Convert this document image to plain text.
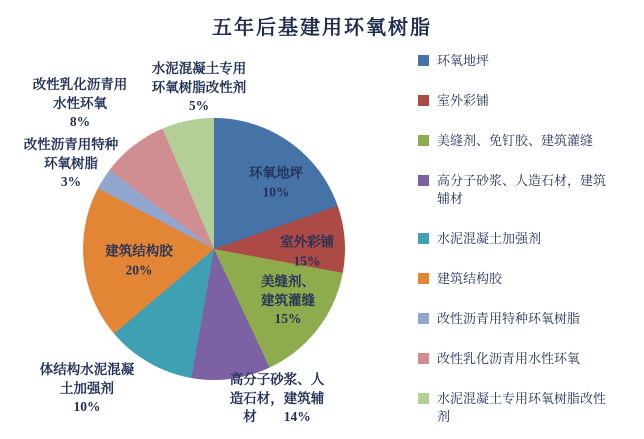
五年后基建用环氧树脂
环氧地坪
10%
室外彩铺
15%
美缝剂、
建筑灌缝
15%
建筑结构胶
20%
水泥混凝土专用
环氧树脂改性剂
5%
改性乳化沥青用
水性环氧
8%
改性沥青用特种
环氧树脂
3%
体结构水泥混凝
土加强剂
10%
高分子砂浆、人
造石材，建筑辅
材　　14%
环氧地坪
室外彩铺
美缝剂、免钉胶、建筑灌缝
高分子砂浆、人造石材，建筑辅材
水泥混凝土加强剂
建筑结构胶
改性沥青用特种环氧树脂
改性乳化沥青用水性环氧
水泥混凝土专用环氧树脂改性剂
